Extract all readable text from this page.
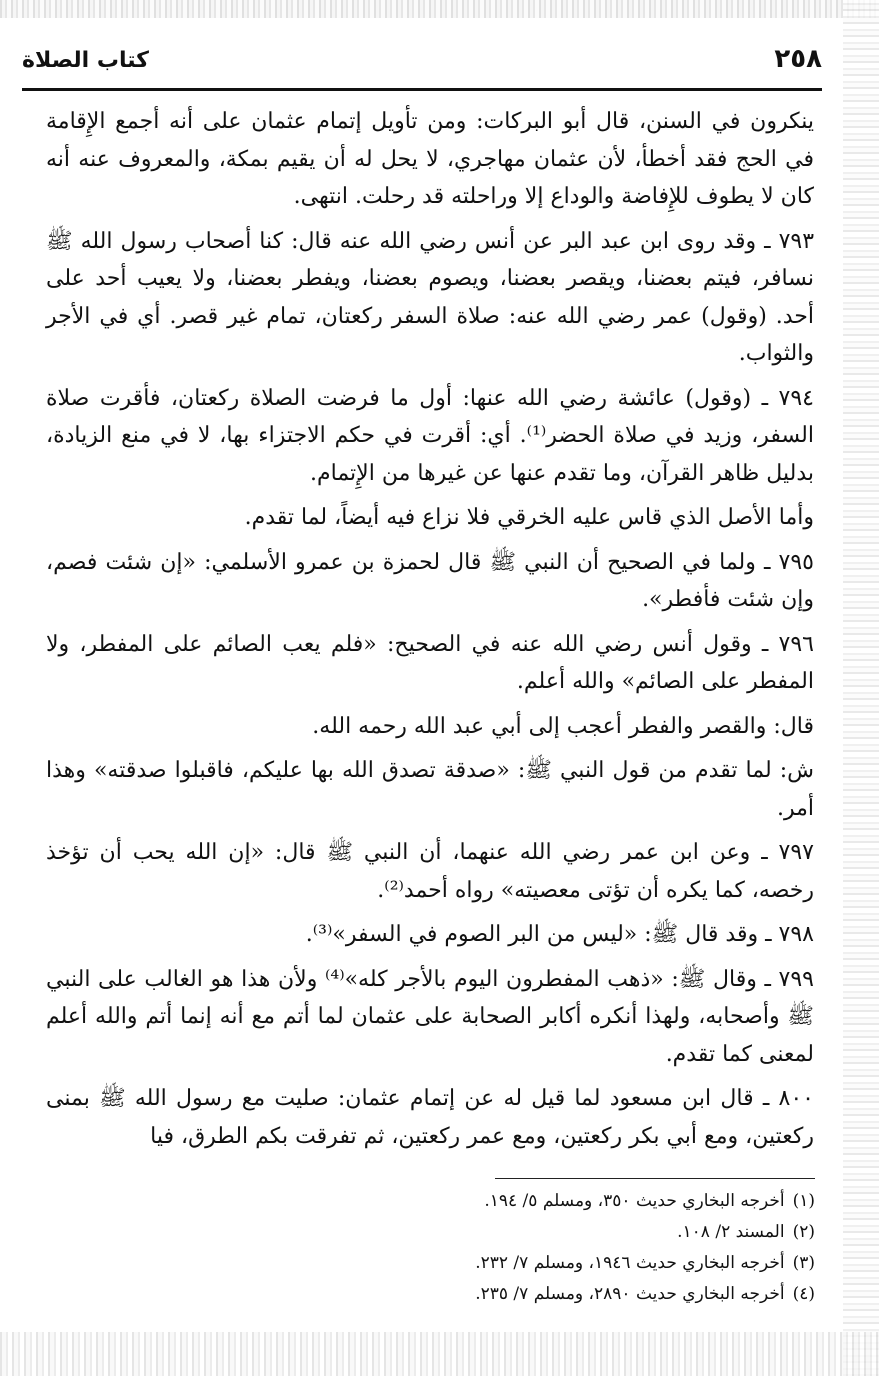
٢٥٨
كتاب الصلاة

ينكرون في السنن، قال أبو البركات: ومن تأويل إتمام عثمان على أنه أجمع الإِقامة في الحج فقد أخطأ، لأن عثمان مهاجري، لا يحل له أن يقيم بمكة، والمعروف عنه أنه كان لا يطوف للإِفاضة والوداع إلا وراحلته قد رحلت. انتهى.

٧٩٣ ـ وقد روى ابن عبد البر عن أنس رضي الله عنه قال: كنا أصحاب رسول الله ﷺ نسافر، فيتم بعضنا، ويقصر بعضنا، ويصوم بعضنا، ويفطر بعضنا، ولا يعيب أحد على أحد. (وقول) عمر رضي الله عنه: صلاة السفر ركعتان، تمام غير قصر. أي في الأجر والثواب.

٧٩٤ ـ (وقول) عائشة رضي الله عنها: أول ما فرضت الصلاة ركعتان، فأقرت صلاة السفر، وزيد في صلاة الحضر⁽¹⁾. أي: أقرت في حكم الاجتزاء بها، لا في منع الزيادة، بدليل ظاهر القرآن، وما تقدم عنها عن غيرها من الإِتمام.

وأما الأصل الذي قاس عليه الخرقي فلا نزاع فيه أيضاً، لما تقدم.

٧٩٥ ـ ولما في الصحيح أن النبي ﷺ قال لحمزة بن عمرو الأسلمي: «إن شئت فصم، وإن شئت فأفطر».

٧٩٦ ـ وقول أنس رضي الله عنه في الصحيح: «فلم يعب الصائم على المفطر، ولا المفطر على الصائم» والله أعلم.

قال: والقصر والفطر أعجب إلى أبي عبد الله رحمه الله.

ش: لما تقدم من قول النبي ﷺ: «صدقة تصدق الله بها عليكم، فاقبلوا صدقته» وهذا أمر.

٧٩٧ ـ وعن ابن عمر رضي الله عنهما، أن النبي ﷺ قال: «إن الله يحب أن تؤخذ رخصه، كما يكره أن تؤتى معصيته» رواه أحمد⁽²⁾.

٧٩٨ ـ وقد قال ﷺ: «ليس من البر الصوم في السفر»⁽³⁾.

٧٩٩ ـ وقال ﷺ: «ذهب المفطرون اليوم بالأجر كله»⁽⁴⁾ ولأن هذا هو الغالب على النبي ﷺ وأصحابه، ولهذا أنكره أكابر الصحابة على عثمان لما أتم مع أنه إنما أتم والله أعلم لمعنى كما تقدم.

٨٠٠ ـ قال ابن مسعود لما قيل له عن إتمام عثمان: صليت مع رسول الله ﷺ بمنى ركعتين، ومع أبي بكر ركعتين، ومع عمر ركعتين، ثم تفرقت بكم الطرق، فيا

(١)أخرجه البخاري حديث ٣٥٠، ومسلم ٥/ ١٩٤.
(٢)المسند ٢/ ١٠٨.
(٣)أخرجه البخاري حديث ١٩٤٦، ومسلم ٧/ ٢٣٢.
(٤)أخرجه البخاري حديث ٢٨٩٠، ومسلم ٧/ ٢٣٥.
